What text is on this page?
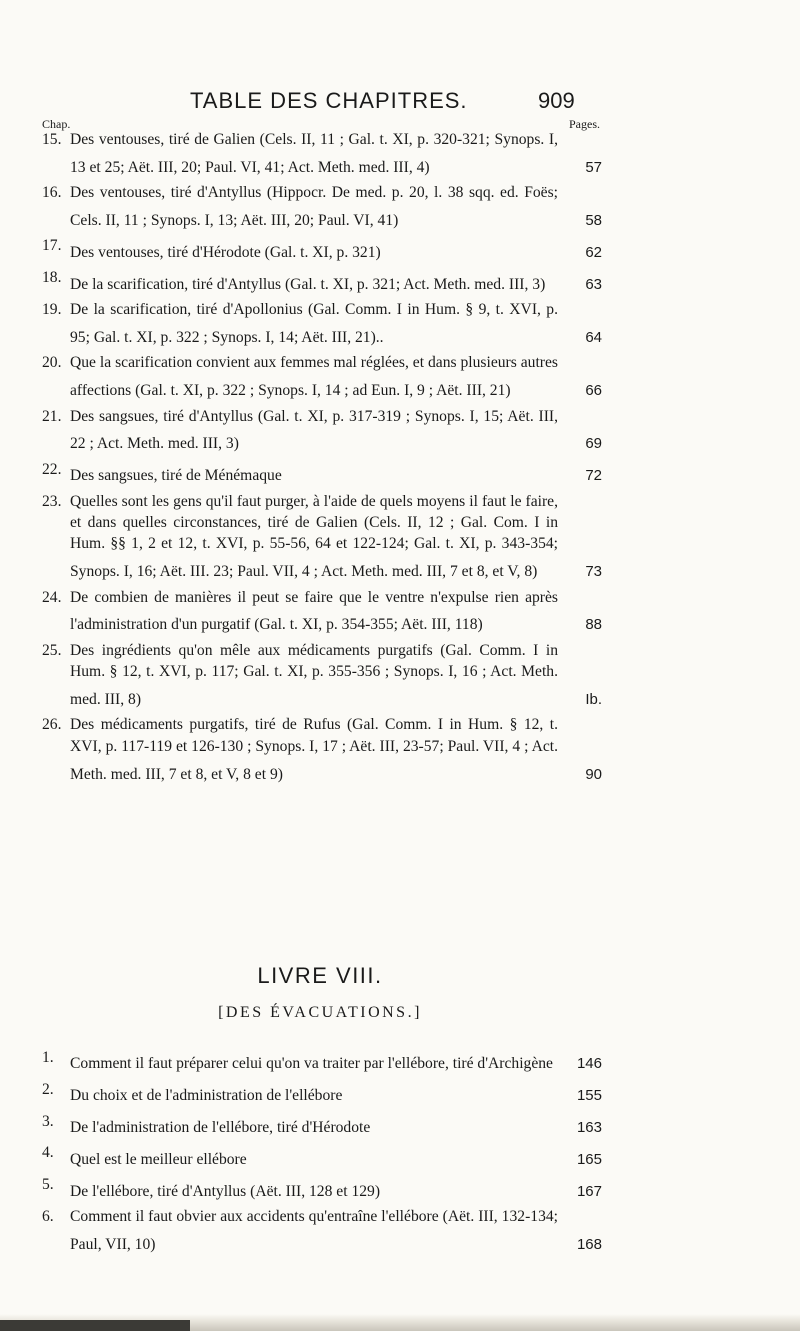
TABLE DES CHAPITRES.	909
Chap.	Pages.
15. Des ventouses, tiré de Galien (Cels. II, 11 ; Gal. t. XI, p. 320-321; Synops. I, 13 et 25; Aët. III, 20; Paul. VI, 41; Act. Meth. med. III, 4)	57
16. Des ventouses, tiré d'Antyllus (Hippocr. De med. p. 20, l. 38 sqq. ed. Foës; Cels. II, 11 ; Synops. I, 13; Aët. III, 20; Paul. VI, 41)	58
17. Des ventouses, tiré d'Hérodote (Gal. t. XI, p. 321)	62
18. De la scarification, tiré d'Antyllus (Gal. t. XI, p. 321; Act. Meth. med. III, 3)	63
19. De la scarification, tiré d'Apollonius (Gal. Comm. I in Hum. § 9, t. XVI, p. 95; Gal. t. XI, p. 322 ; Synops. I, 14; Aët. III, 21)..	64
20. Que la scarification convient aux femmes mal réglées, et dans plusieurs autres affections (Gal. t. XI, p. 322 ; Synops. I, 14 ; ad Eun. I, 9 ; Aët. III, 21)	66
21. Des sangsues, tiré d'Antyllus (Gal. t. XI, p. 317-319 ; Synops. I, 15; Aët. III, 22 ; Act. Meth. med. III, 3)	69
22. Des sangsues, tiré de Ménémaque	72
23. Quelles sont les gens qu'il faut purger, à l'aide de quels moyens il faut le faire, et dans quelles circonstances, tiré de Galien (Cels. II, 12 ; Gal. Com. I in Hum. §§ 1, 2 et 12, t. XVI, p. 55-56, 64 et 122-124; Gal. t. XI, p. 343-354; Synops. I, 16; Aët. III. 23; Paul. VII, 4 ; Act. Meth. med. III, 7 et 8, et V, 8)	73
24. De combien de manières il peut se faire que le ventre n'expulse rien après l'administration d'un purgatif (Gal. t. XI, p. 354-355; Aët. III, 118)	88
25. Des ingrédients qu'on mêle aux médicaments purgatifs (Gal. Comm. I in Hum. § 12, t. XVI, p. 117; Gal. t. XI, p. 355-356 ; Synops. I, 16 ; Act. Meth. med. III, 8)	Ib.
26. Des médicaments purgatifs, tiré de Rufus (Gal. Comm. I in Hum. § 12, t. XVI, p. 117-119 et 126-130 ; Synops. I, 17 ; Aët. III, 23-57; Paul. VII, 4 ; Act. Meth. med. III, 7 et 8, et V, 8 et 9)	90
LIVRE VIII.
[DES ÉVACUATIONS.]
1.	Comment il faut préparer celui qu'on va traiter par l'ellébore, tiré d'Archigène	146
2.	Du choix et de l'administration de l'ellébore	155
3.	De l'administration de l'ellébore, tiré d'Hérodote	163
4.	Quel est le meilleur ellébore	165
5.	De l'ellébore, tiré d'Antyllus (Aët. III, 128 et 129)	167
6.	Comment il faut obvier aux accidents qu'entraîne l'ellébore (Aët. III, 132-134; Paul, VII, 10)	168
